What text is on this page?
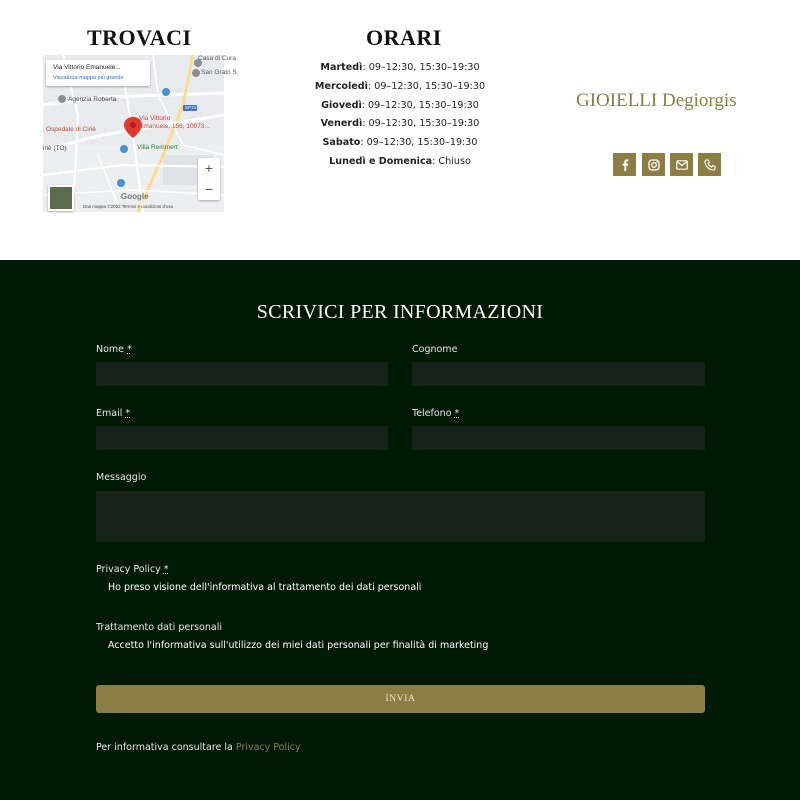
TROVACI	ORARI
Via Vittorio Emanuele...
Visualizza mappa più grande
Casa di Cura
San Grato S
Agenzia Roberta
SP13
Ospedale di Ciriè
Via Vittorio
Emanuele, 156, 10073...
Villa Remmert
iriè (TO)
+
−
Google
Dati mappa ©2022 Termini e condizioni d'uso
Martedì: 09–12:30, 15:30–19:30
Mercoledì: 09–12:30, 15:30–19:30
Giovedì: 09–12:30, 15:30–19:30
Venerdì: 09–12:30, 15:30–19:30
Sabato: 09–12:30, 15:30–19:30
Lunedì e Domenica: Chiuso
GIOIELLI Degiorgis
SCRIVICI PER INFORMAZIONI
Nome *	Cognome
Email *	Telefono *
Messaggio
Privacy Policy *
Ho preso visione dell'informativa al trattamento dei dati personali
Trattamento dati personali
Accetto l'informativa sull'utilizzo dei miei dati personali per finalità di marketing
INVIA
Per informativa consultare la Privacy Policy
